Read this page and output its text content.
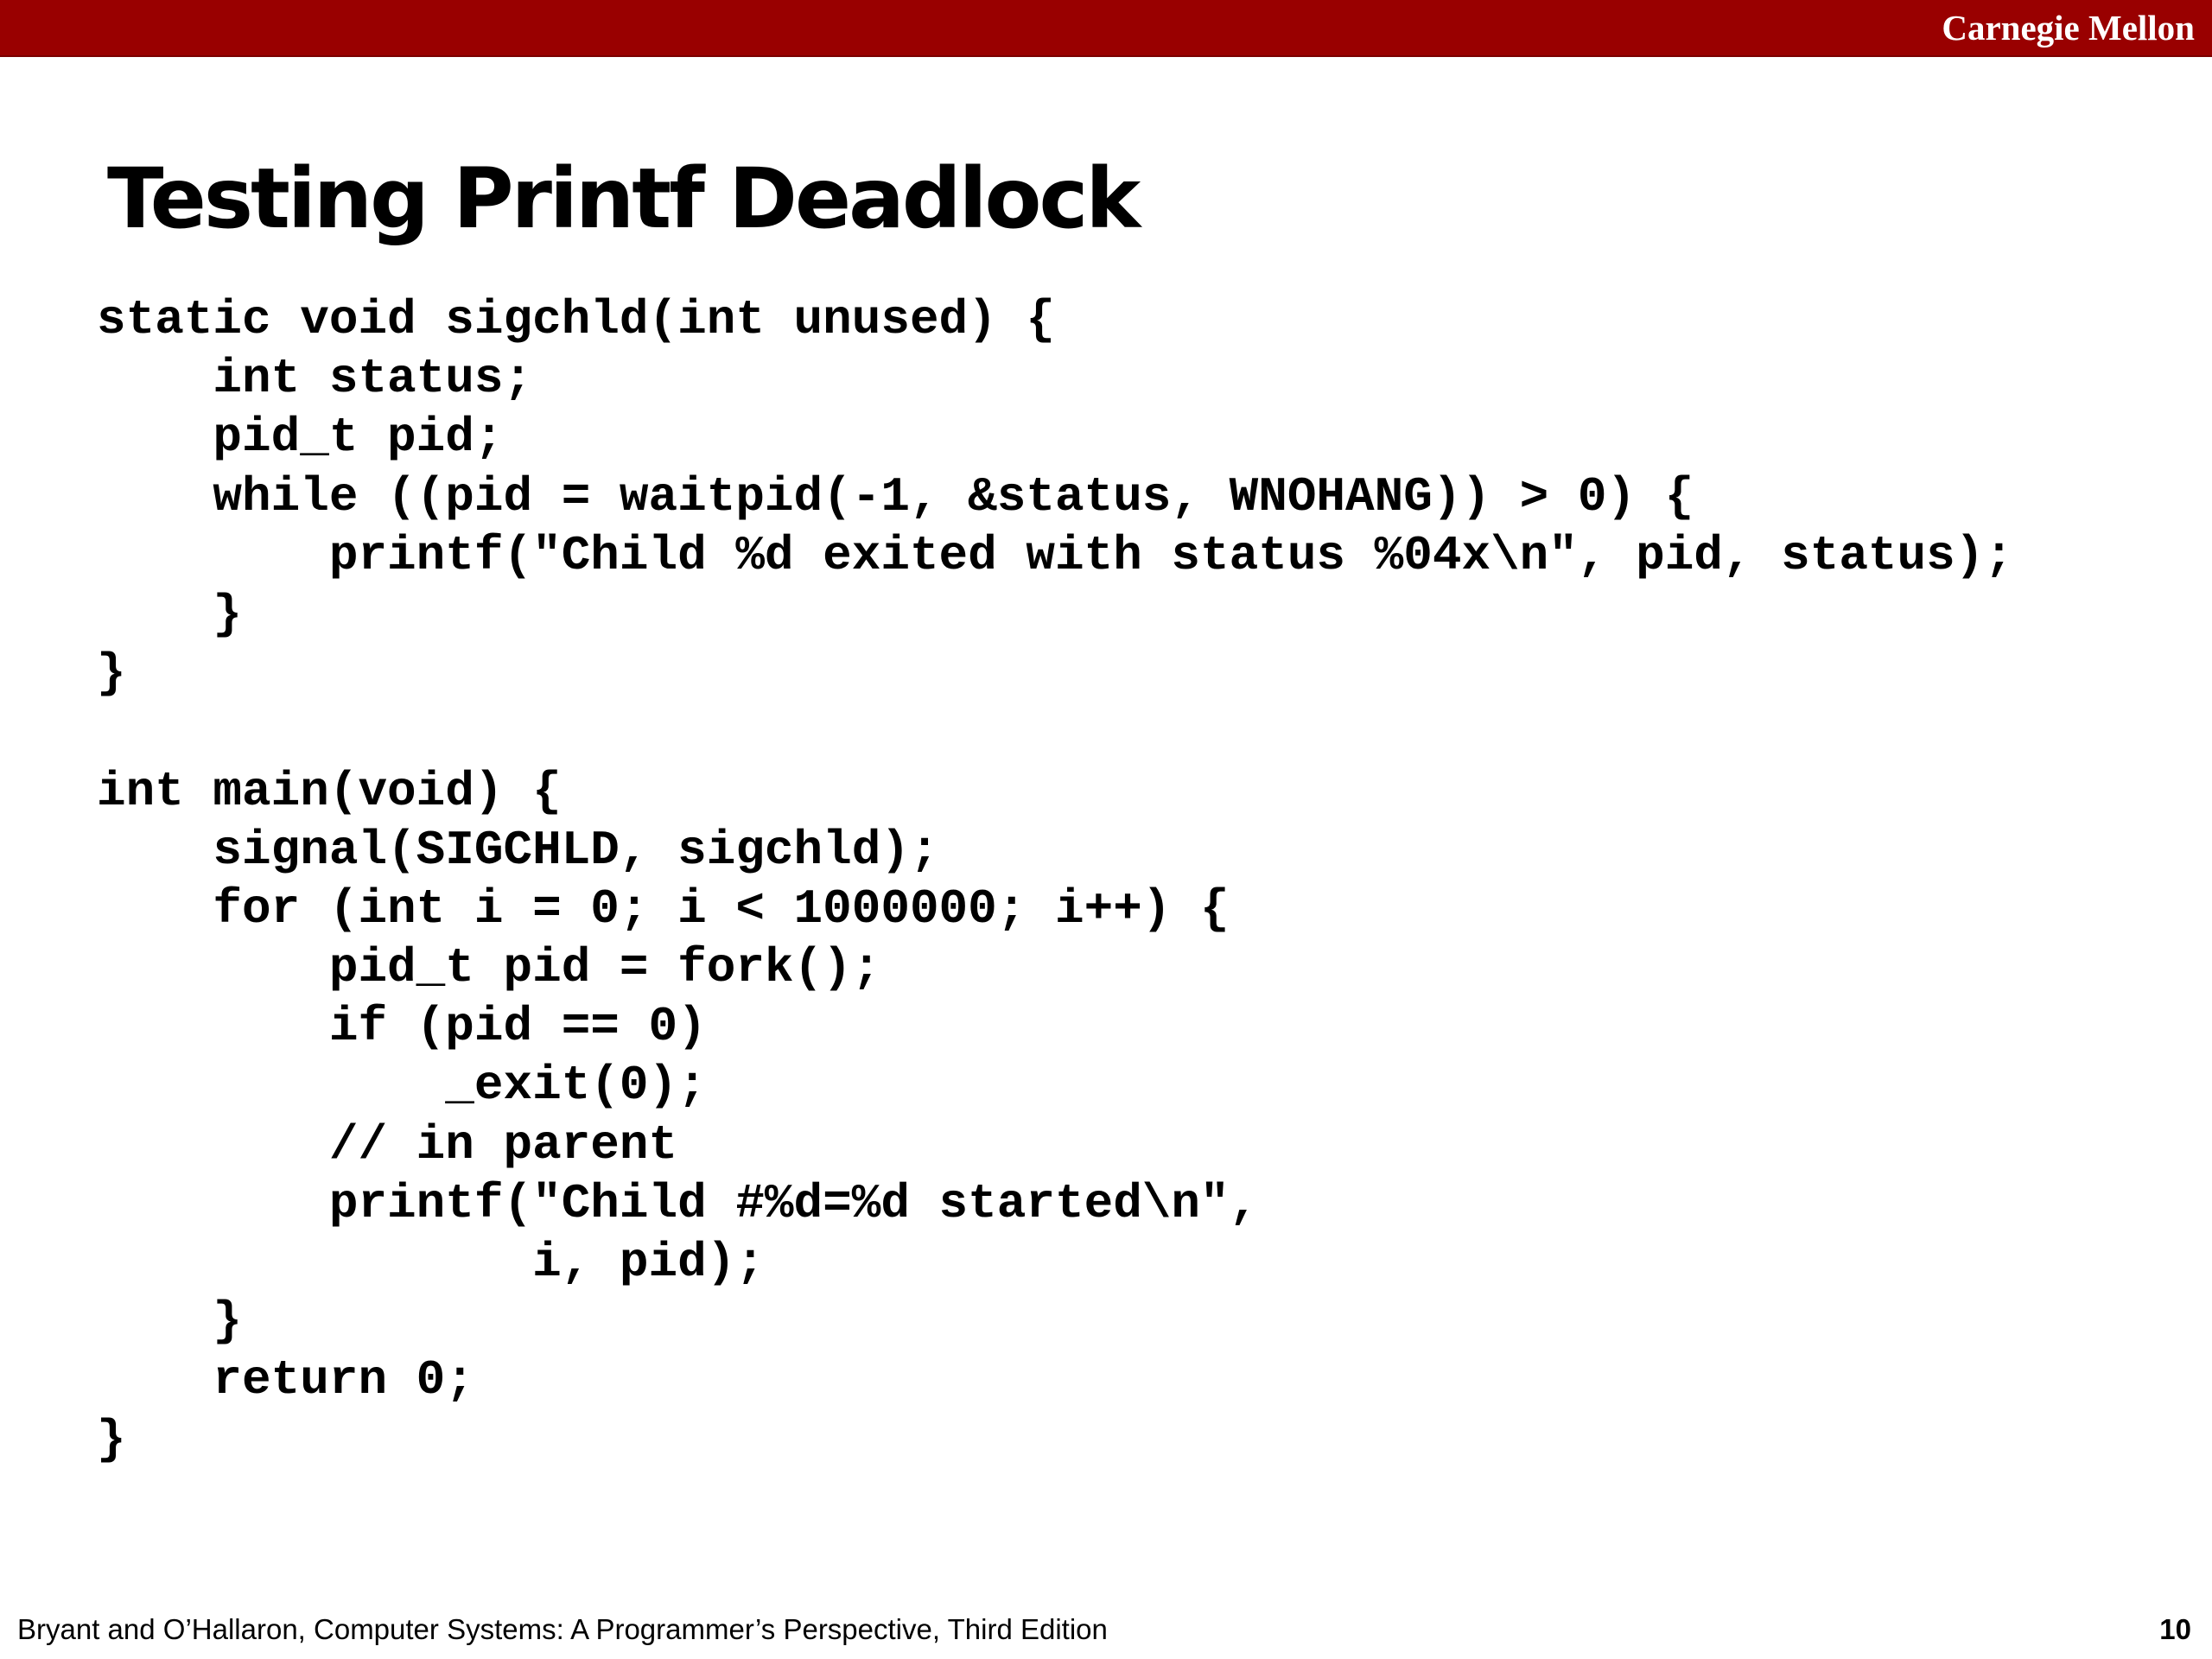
Carnegie Mellon
Testing Printf Deadlock
static void sigchld(int unused) {
int status;
pid_t pid;
while ((pid = waitpid(-1, &status, WNOHANG)) > 0) {
printf("Child %d exited with status %04x\n", pid, status);
}
}
int main(void) {
signal(SIGCHLD, sigchld);
for (int i = 0; i < 1000000; i++) {
pid_t pid = fork();
if (pid == 0)
_exit(0);
// in parent
printf("Child #%d=%d started\n",
i, pid);
}
return 0;
}
Bryant and O’Hallaron, Computer Systems: A Programmer’s Perspective, Third Edition	10
